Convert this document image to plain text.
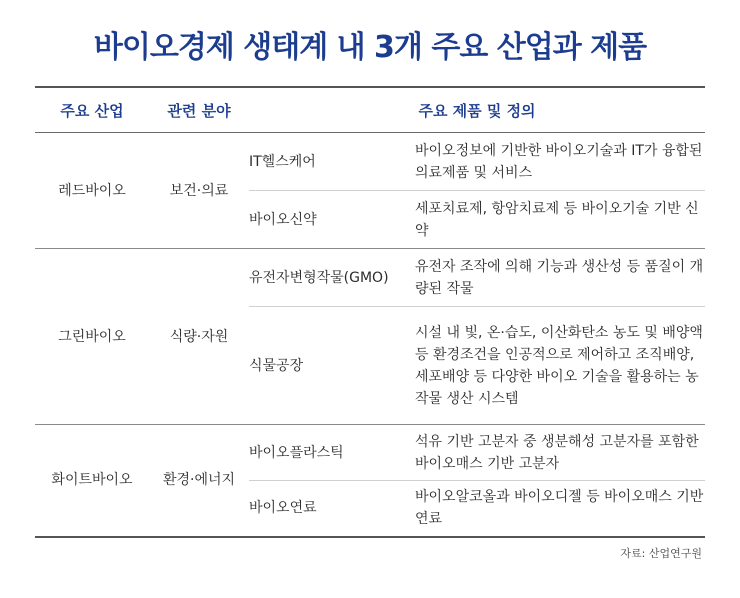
바이오경제 생태계 내 3개 주요 산업과 제품
주요 산업	관련 분야	주요 제품 및 정의	
레드바이오	보건·의료	IT헬스케어	바이오정보에 기반한 바이오기술과 IT가 융합된 의료제품 및 서비스
		바이오신약	세포치료제, 항암치료제 등 바이오기술 기반 신약
그린바이오	식량·자원	유전자변형작물(GMO)	유전자 조작에 의해 기능과 생산성 등 품질이 개량된 작물
		식물공장	시설 내 빛, 온·습도, 이산화탄소 농도 및 배양액 등 환경조건을 인공적으로 제어하고 조직배양, 세포배양 등 다양한 바이오 기술을 활용하는 농작물 생산 시스템
화이트바이오	환경·에너지	바이오플라스틱	석유 기반 고분자 중 생분해성 고분자를 포함한 바이오매스 기반 고분자
		바이오연료	바이오알코올과 바이오디젤 등 바이오매스 기반 연료
자료: 산업연구원
